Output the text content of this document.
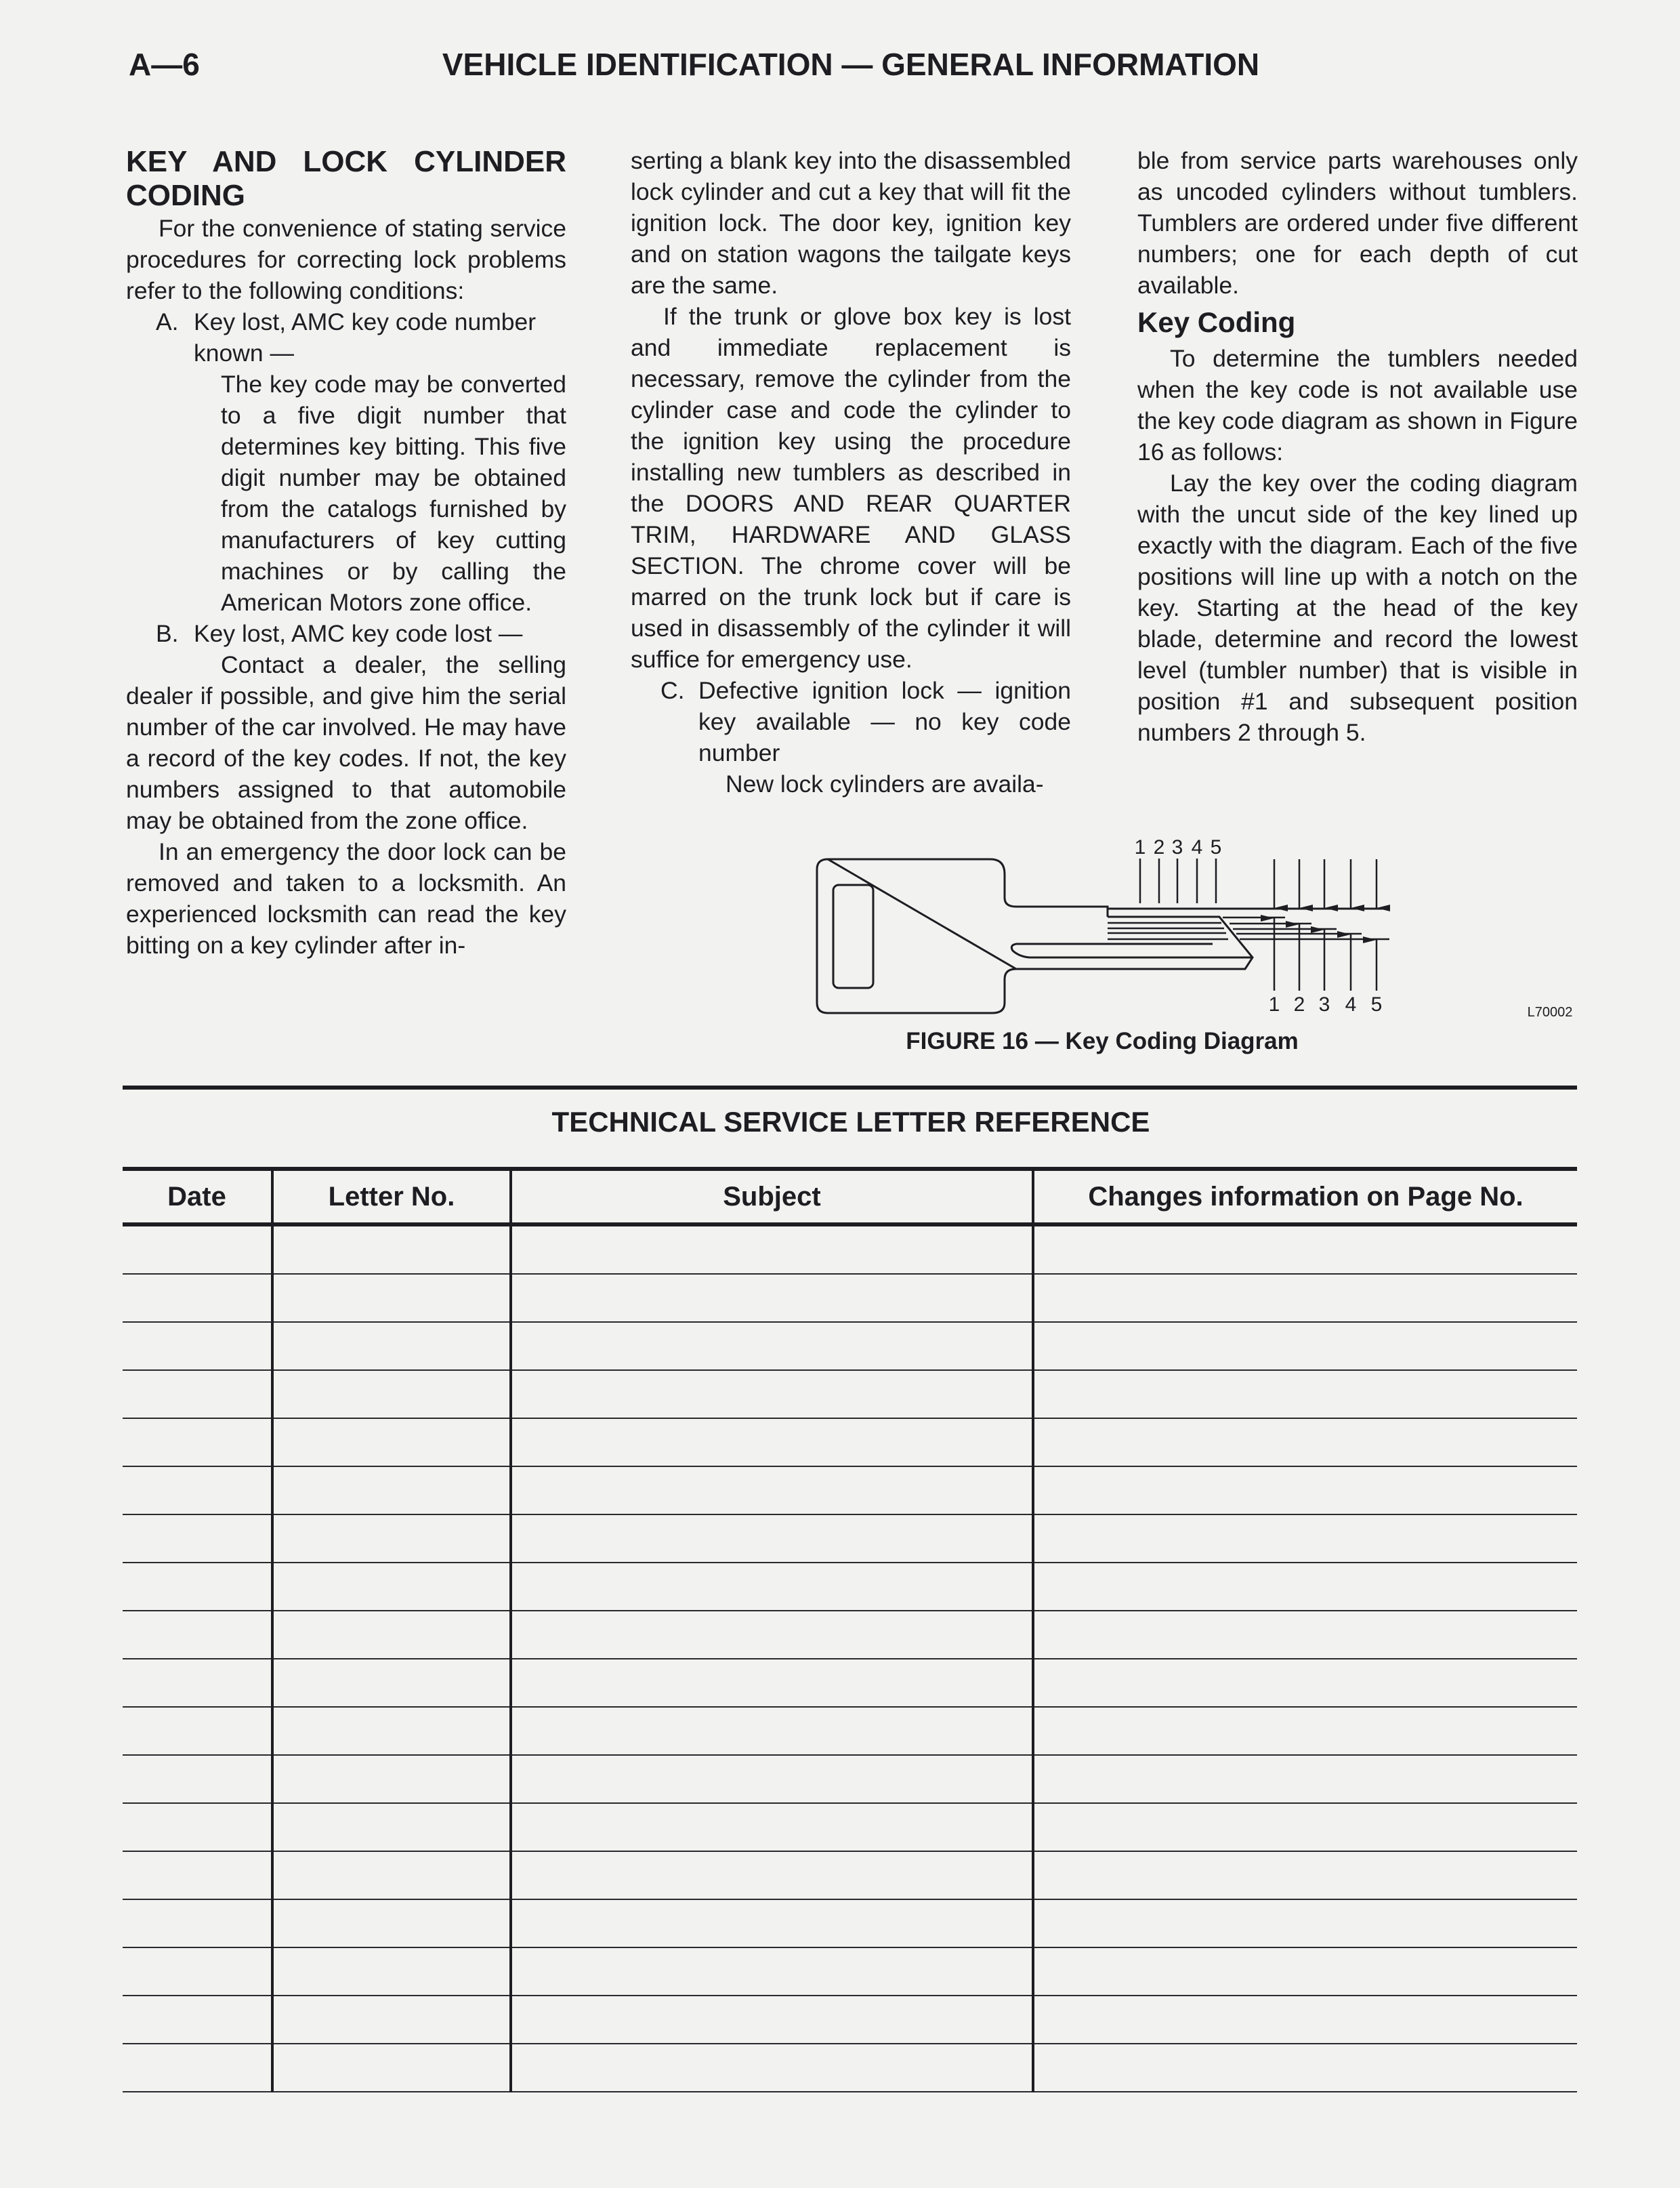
A—6	VEHICLE IDENTIFICATION — GENERAL INFORMATION
KEY AND LOCK CYLINDER CODING

For the convenience of stating service procedures for correcting lock problems refer to the following conditions:

A. Key lost, AMC key code number known —

The key code may be converted to a five digit number that determines key bitting. This five digit number may be obtained from the catalogs furnished by manufacturers of key cutting machines or by calling the American Motors zone office.

B. Key lost, AMC key code lost —

Contact a dealer, the selling dealer if possible, and give him the serial number of the car involved. He may have a record of the key codes. If not, the key numbers assigned to that automobile may be obtained from the zone office.

In an emergency the door lock can be removed and taken to a locksmith. An experienced locksmith can read the key bitting on a key cylinder after in-

serting a blank key into the disassembled lock cylinder and cut a key that will fit the ignition lock. The door key, ignition key and on station wagons the tailgate keys are the same.

If the trunk or glove box key is lost and immediate replacement is necessary, remove the cylinder from the cylinder case and code the cylinder to the ignition key using the procedure installing new tumblers as described in the DOORS AND REAR QUARTER TRIM, HARDWARE AND GLASS SECTION. The chrome cover will be marred on the trunk lock but if care is used in disassembly of the cylinder it will suffice for emergency use.

C. Defective ignition lock — ignition key available — no key code number

New lock cylinders are availa-

ble from service parts warehouses only as uncoded cylinders without tumblers. Tumblers are ordered under five different numbers; one for each depth of cut available.

Key Coding

To determine the tumblers needed when the key code is not available use the key code diagram as shown in Figure 16 as follows:

Lay the key over the coding diagram with the uncut side of the key lined up exactly with the diagram. Each of the five positions will line up with a notch on the key. Starting at the head of the key blade, determine and record the lowest level (tumbler number) that is visible in position #1 and subsequent position numbers 2 through 5.

1 2 3 4 5
1 2 3 4 5	L70002
FIGURE 16 — Key Coding Diagram
TECHNICAL SERVICE LETTER REFERENCE
Date	Letter No.	Subject	Changes information on Page No.
